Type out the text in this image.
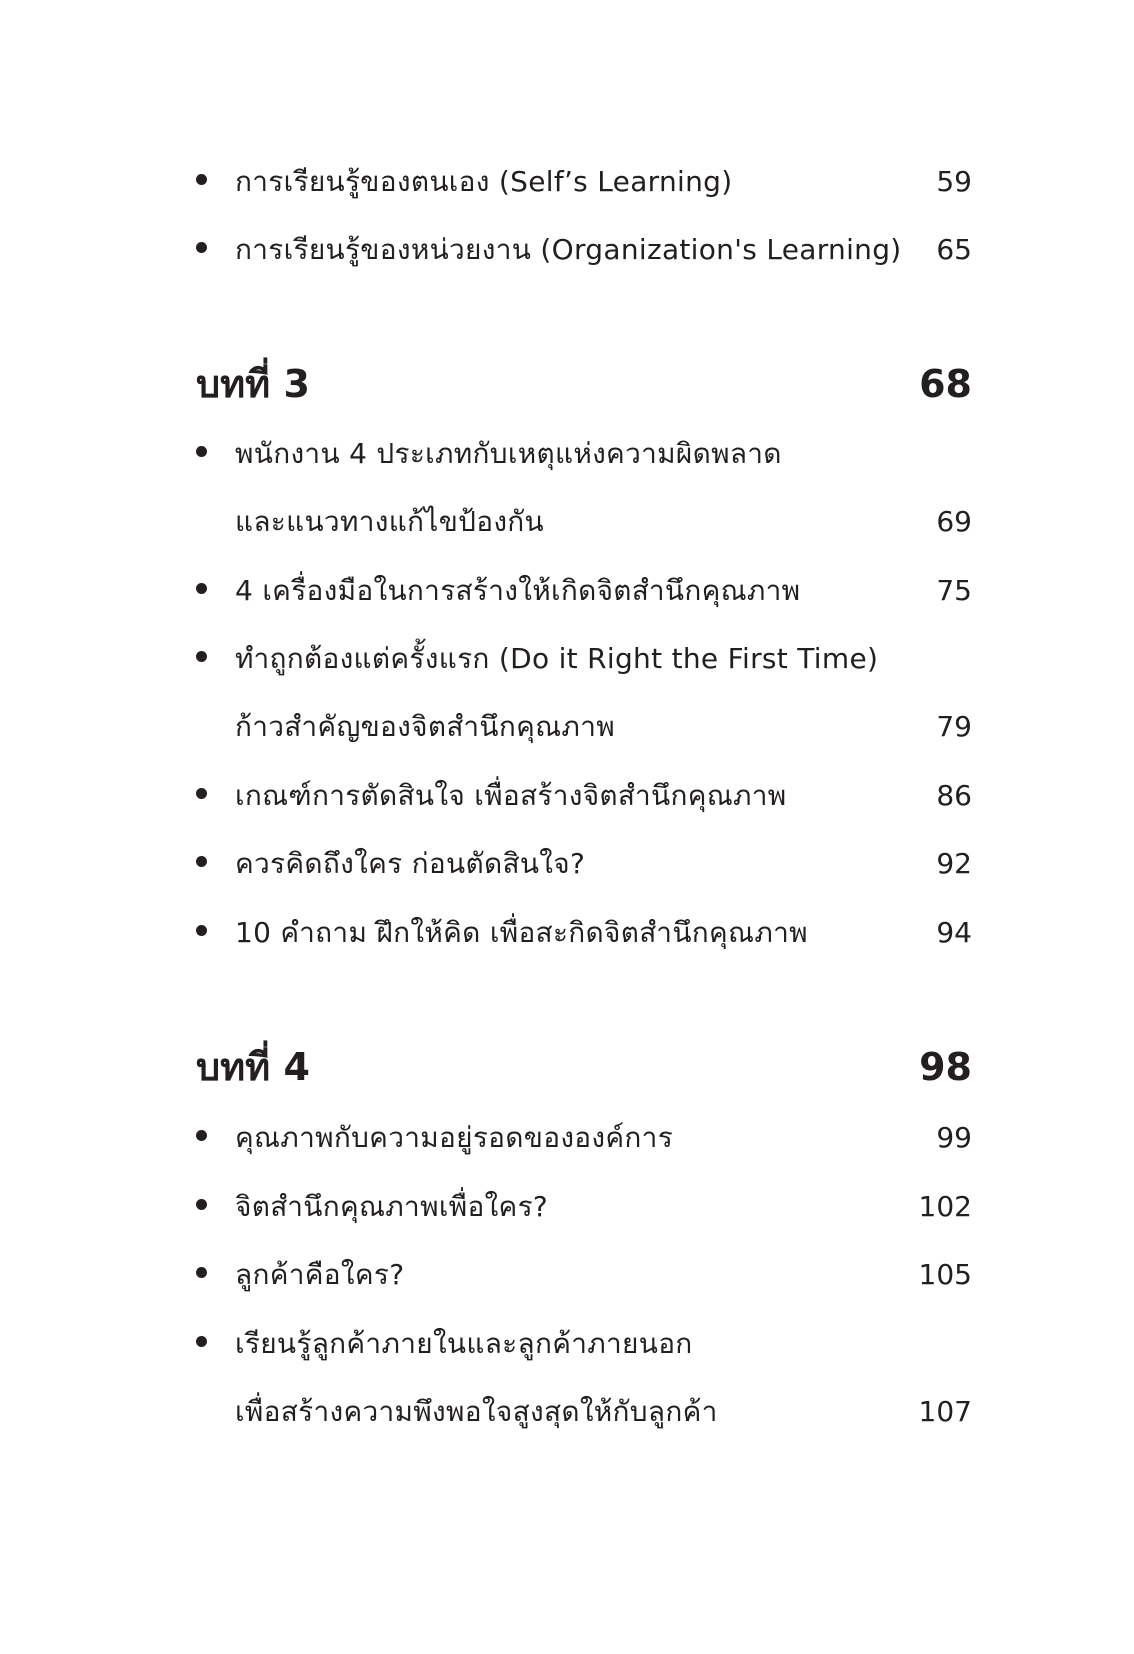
การเรียนรู้ของตนเอง (Self’s Learning)	59
การเรียนรู้ของหน่วยงาน (Organization's Learning) 65
บทที่ 3	68
พนักงาน 4 ประเภทกับเหตุแห่งความผิดพลาด
และแนวทางแก้ไขป้องกัน	69
4 เครื่องมือในการสร้างให้เกิดจิตสำนึกคุณภาพ	75
ทำถูกต้องแต่ครั้งแรก (Do it Right the First Time)
ก้าวสำคัญของจิตสำนึกคุณภาพ	79
เกณฑ์การตัดสินใจ เพื่อสร้างจิตสำนึกคุณภาพ	86
ควรคิดถึงใคร ก่อนตัดสินใจ?	92
10 คำถาม ฝึกให้คิด เพื่อสะกิดจิตสำนึกคุณภาพ	94
บทที่ 4	98
คุณภาพกับความอยู่รอดขององค์การ	99
จิตสำนึกคุณภาพเพื่อใคร?	102
ลูกค้าคือใคร?	105
เรียนรู้ลูกค้าภายในและลูกค้าภายนอก
เพื่อสร้างความพึงพอใจสูงสุดให้กับลูกค้า	107
